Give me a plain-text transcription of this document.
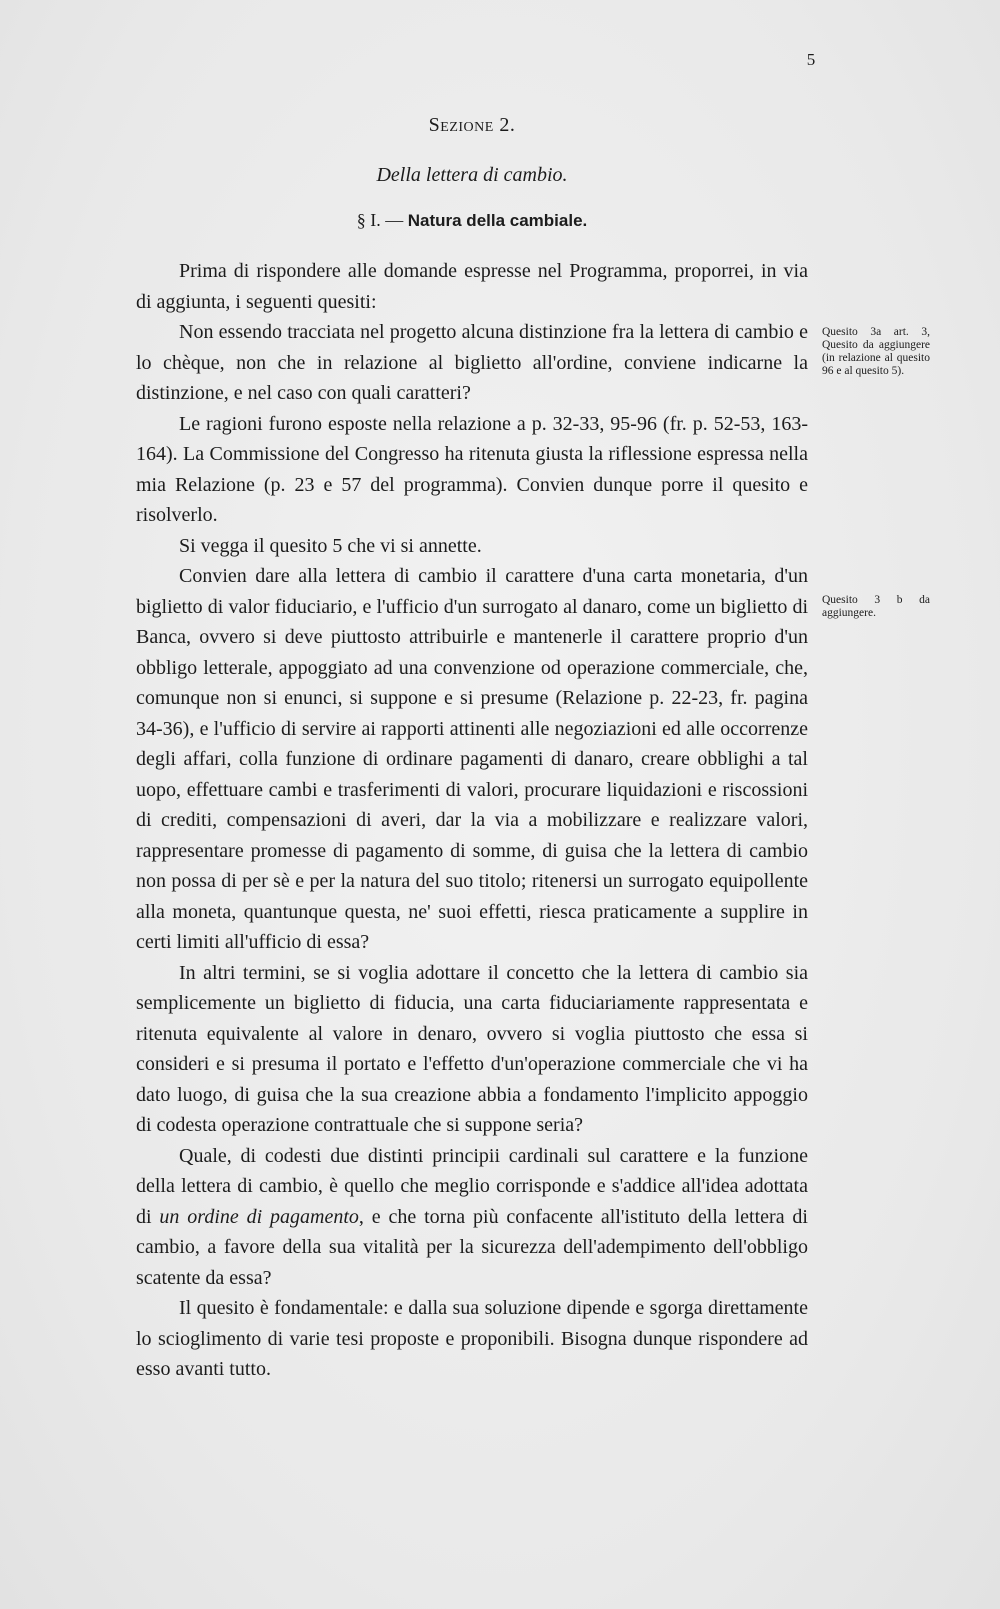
5
Sezione 2.
Della lettera di cambio.
§ I. — Natura della cambiale.

Prima di rispondere alle domande espresse nel Programma, proporrei, in via di aggiunta, i seguenti quesiti:

Non essendo tracciata nel progetto alcuna distinzione fra la lettera di cambio e lo chèque, non che in relazione al biglietto all'ordine, conviene indicarne la distinzione, e nel caso con quali caratteri?

Le ragioni furono esposte nella relazione a p. 32-33, 95-96 (fr. p. 52-53, 163-164). La Commissione del Congresso ha ritenuta giusta la riflessione espressa nella mia Relazione (p. 23 e 57 del programma). Convien dunque porre il quesito e risolverlo.

Si vegga il quesito 5 che vi si annette.

Convien dare alla lettera di cambio il carattere d'una carta monetaria, d'un biglietto di valor fiduciario, e l'ufficio d'un surrogato al danaro, come un biglietto di Banca, ovvero si deve piuttosto attribuirle e mantenerle il carattere proprio d'un obbligo letterale, appoggiato ad una convenzione od operazione commerciale, che, comunque non si enunci, si suppone e si presume (Relazione p. 22-23, fr. pagina 34-36), e l'ufficio di servire ai rapporti attinenti alle negoziazioni ed alle occorrenze degli affari, colla funzione di ordinare pagamenti di danaro, creare obblighi a tal uopo, effettuare cambi e trasferimenti di valori, procurare liquidazioni e riscossioni di crediti, compensazioni di averi, dar la via a mobilizzare e realizzare valori, rappresentare promesse di pagamento di somme, di guisa che la lettera di cambio non possa di per sè e per la natura del suo titolo; ritenersi un surrogato equipollente alla moneta, quantunque questa, ne' suoi effetti, riesca praticamente a supplire in certi limiti all'ufficio di essa?

In altri termini, se si voglia adottare il concetto che la lettera di cambio sia semplicemente un biglietto di fiducia, una carta fiduciariamente rappresentata e ritenuta equivalente al valore in denaro, ovvero si voglia piuttosto che essa si consideri e si presuma il portato e l'effetto d'un'operazione commerciale che vi ha dato luogo, di guisa che la sua creazione abbia a fondamento l'implicito appoggio di codesta operazione contrattuale che si suppone seria?

Quale, di codesti due distinti principii cardinali sul carattere e la funzione della lettera di cambio, è quello che meglio corrisponde e s'addice all'idea adottata di un ordine di pagamento, e che torna più confacente all'istituto della lettera di cambio, a favore della sua vitalità per la sicurezza dell'adempimento dell'obbligo scatente da essa?

Il quesito è fondamentale: e dalla sua soluzione dipende e sgorga direttamente lo scioglimento di varie tesi proposte e proponibili. Bisogna dunque rispondere ad esso avanti tutto.

Quesito 3a art. 3, Quesito da aggiungere (in relazione al quesito 96 e al quesito 5).
Quesito 3 b da aggiungere.
